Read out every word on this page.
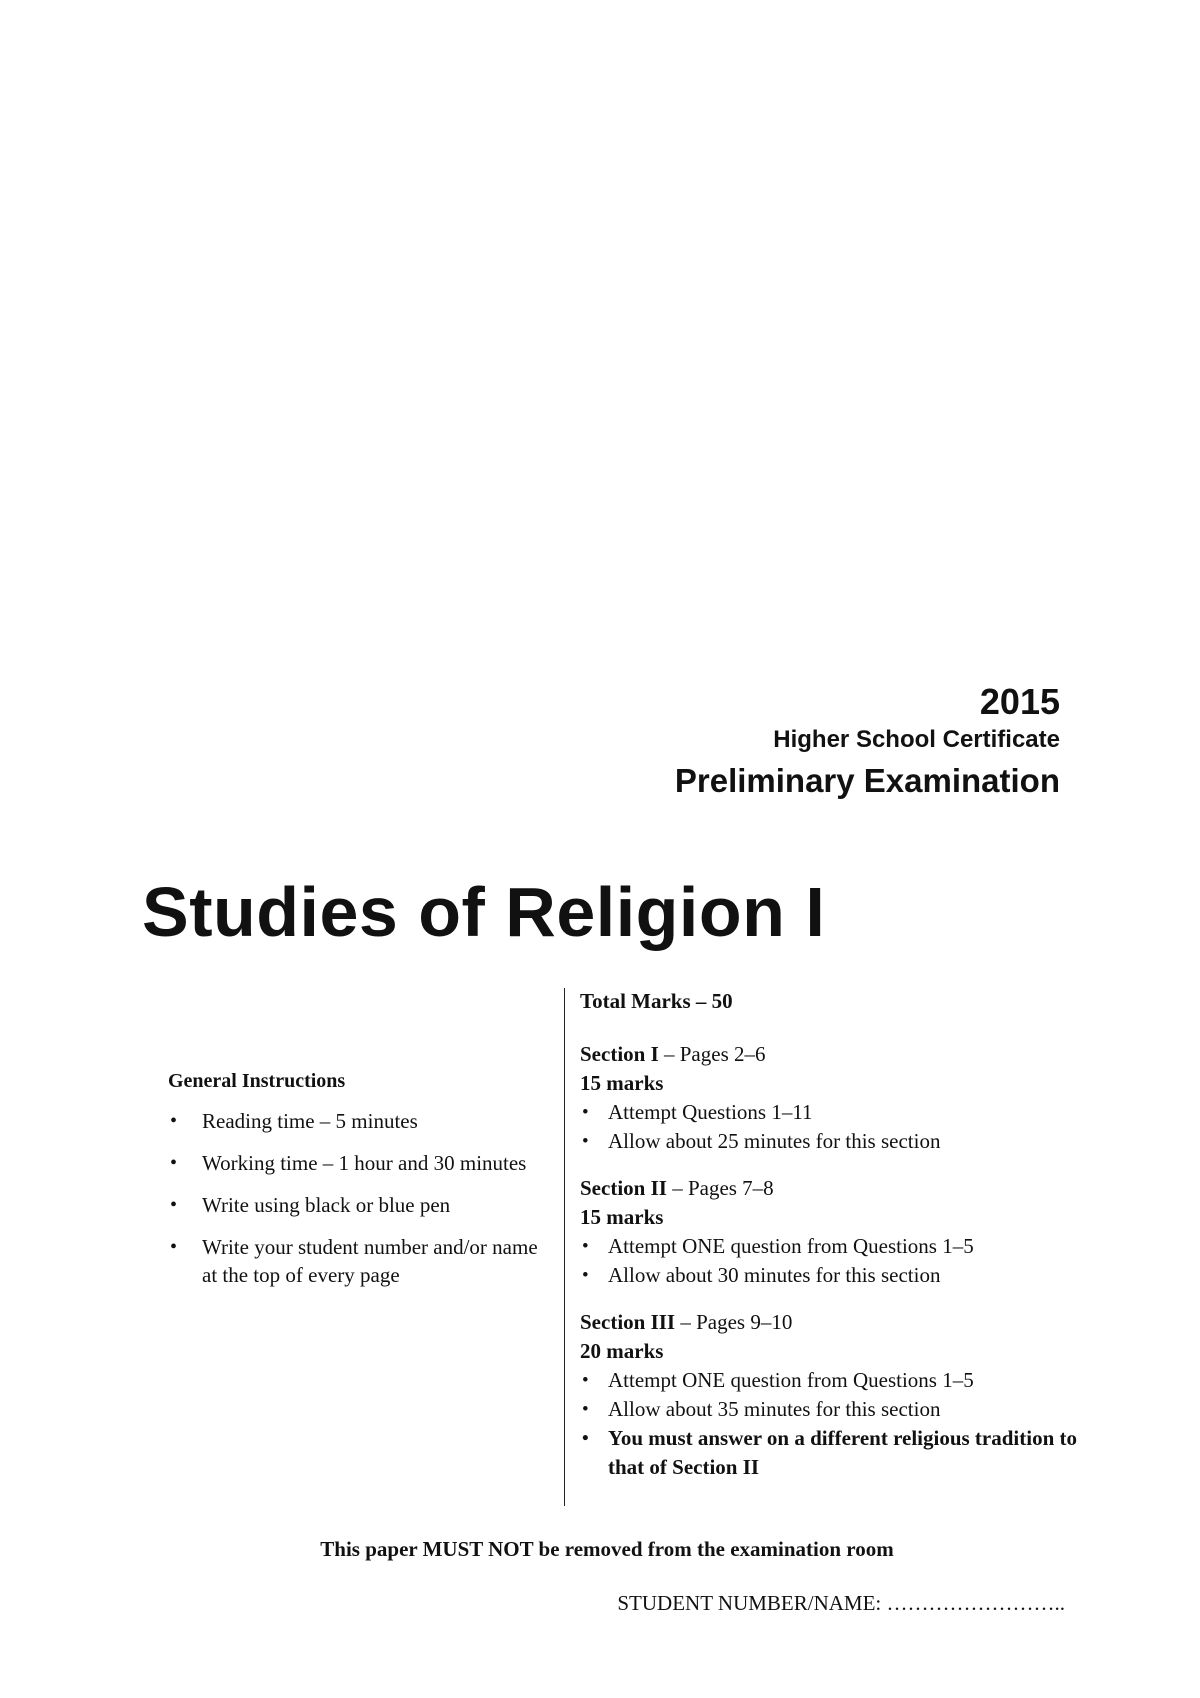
2015
Higher School Certificate
Preliminary Examination
Studies of Religion I
General Instructions
• Reading time – 5 minutes
• Working time – 1 hour and 30 minutes
• Write using black or blue pen
• Write your student number and/or name at the top of every page
Total Marks – 50
Section I – Pages 2–6
15 marks
• Attempt Questions 1–11
• Allow about 25 minutes for this section
Section II – Pages 7–8
15 marks
• Attempt ONE question from Questions 1–5
• Allow about 30 minutes for this section
Section III – Pages 9–10
20 marks
• Attempt ONE question from Questions 1–5
• Allow about 35 minutes for this section
• You must answer on a different religious tradition to that of Section II
This paper MUST NOT be removed from the examination room
STUDENT NUMBER/NAME: ……………………..
